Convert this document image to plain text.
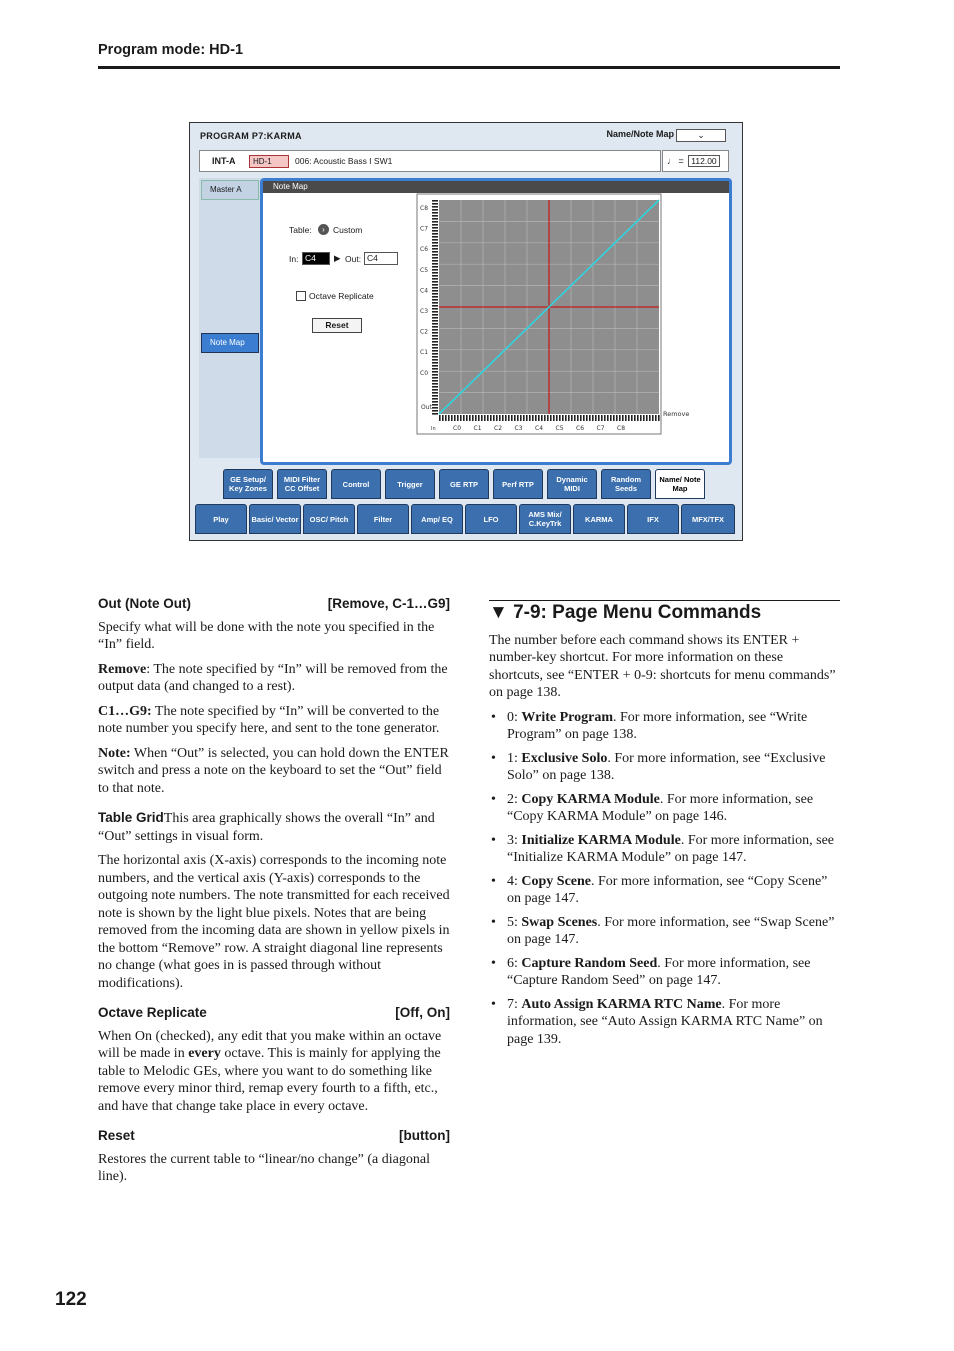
Program mode: HD-1
PROGRAM P7:KARMA	Name/Note Map	⌄
INT-A	HD-1	006: Acoustic Bass I SW1	♩ = 112.00
Master A
Note Map
Note Map
Table:	› Custom
In: C4	▶ Out: C4
Octave Replicate
Reset
C8
C7
C6
C5
C4
C3
C2
C1
C0
C0 C1 C2 C3 C4 C5 C6 C7 C8
Out
In
Remove
GE Setup/ Key Zones
MIDI Filter CC Offset	Control	Trigger	GE RTP	Perf RTP	Dynamic MIDI
Random Seeds
Name/ Note Map
Play	Basic/ Vector	OSC/ Pitch	Filter	Amp/ EQ	LFO	AMS Mix/ C.KeyTrk	KARMA	IFX	MFX/TFX
Out (Note Out)	[Remove, C-1…G9]

Specify what will be done with the note you specified in the “In” field.

Remove: The note specified by “In” will be removed from the output data (and changed to a rest).

C1…G9: The note specified by “In” will be converted to the note number you specify here, and sent to the tone generator.

Note: When “Out” is selected, you can hold down the ENTER switch and press a note on the keyboard to set the “Out” field to that note.

Table GridThis area graphically shows the overall “In” and “Out” settings in visual form.

The horizontal axis (X-axis) corresponds to the incoming note numbers, and the vertical axis (Y-axis) corresponds to the outgoing note numbers. The note transmitted for each received note is shown by the light blue pixels. Notes that are being removed from the incoming data are shown in yellow pixels in the bottom “Remove” row. A straight diagonal line represents no change (what goes in is passed through without modifications).

Octave Replicate	[Off, On]

When On (checked), any edit that you make within an octave will be made in every octave. This is mainly for applying the table to Melodic GEs, where you want to do something like remove every minor third, remap every fourth to a fifth, etc., and have that change take place in every octave.

Reset	[button]

Restores the current table to “linear/no change” (a diagonal line).

▼ 7-9: Page Menu Commands

The number before each command shows its ENTER + number-key shortcut. For more information on these shortcuts, see “ENTER + 0-9: shortcuts for menu commands” on page 138.

• 0: Write Program. For more information, see “Write Program” on page 138.
• 1: Exclusive Solo. For more information, see “Exclusive Solo” on page 138.
• 2: Copy KARMA Module. For more information, see “Copy KARMA Module” on page 146.
• 3: Initialize KARMA Module. For more information, see “Initialize KARMA Module” on page 147.
• 4: Copy Scene. For more information, see “Copy Scene” on page 147.
• 5: Swap Scenes. For more information, see “Swap Scene” on page 147.
• 6: Capture Random Seed. For more information, see “Capture Random Seed” on page 147.
• 7: Auto Assign KARMA RTC Name. For more information, see “Auto Assign KARMA RTC Name” on page 139.
122
